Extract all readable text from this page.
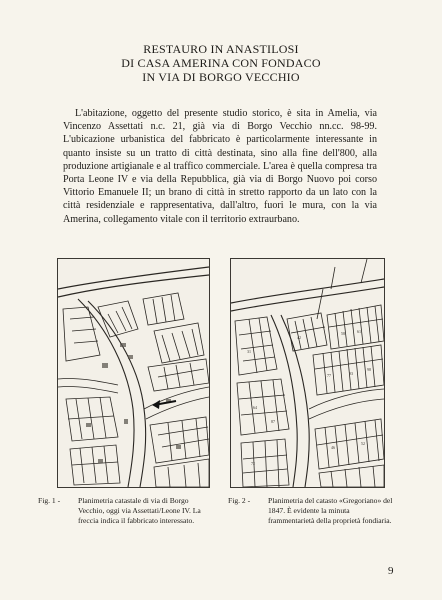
RESTAURO IN ANASTILOSI
DI CASA AMERINA CON FONDACO
IN VIA DI BORGO VECCHIO

L'abitazione, oggetto del presente studio storico, è sita in Amelia, via Vincenzo Assettati n.c. 21, già via di Borgo Vecchio nn.cc. 98-99. L'ubicazione urbanistica del fabbricato è particolarmente interessante in quanto insiste su un tratto di città destinata, sino alla fine dell'800, alla produzione artigianale e al traffico commerciale. L'area è quella compresa tra Porta Leone IV e via della Repubblica, già via di Borgo Nuovo poi corso Vittorio Emanuele II; un brano di città in stretto rapporto da un lato con la città residenziale e rappresentativa, dall'altro, fuori le mura, con la via Amerina, collegamento vitale con il territorio extraurbano.

42
58	61
77	93
98
31
64
87
72
46
52
Fig. 1 - Planimetria catastale di via di Borgo Vecchio, oggi via Assettati/Leone IV. La freccia indica il fabbricato interessato.
Fig. 2 - Planimetria del catasto «Gregoriano» del 1847. È evidente la minuta frammentarietà della proprietà fondiaria.
9
